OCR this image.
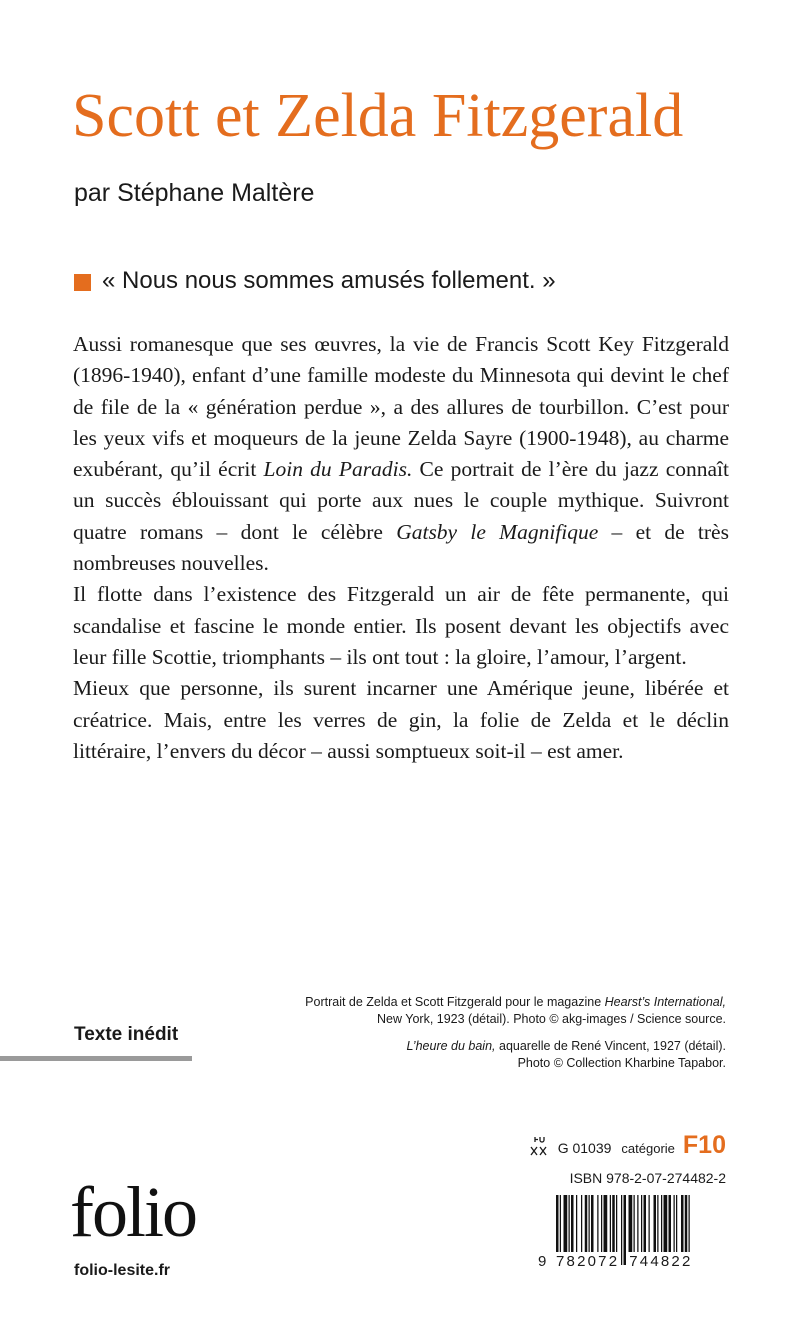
Scott et Zelda Fitzgerald
par Stéphane Maltère
« Nous nous sommes amusés follement. »

Aussi romanesque que ses œuvres, la vie de Francis Scott Key Fitzgerald (1896-1940), enfant d’une famille modeste du Minnesota qui devint le chef de file de la « génération perdue », a des allures de tourbillon. C’est pour les yeux vifs et moqueurs de la jeune Zelda Sayre (1900-1948), au charme exubérant, qu’il écrit Loin du Paradis. Ce portrait de l’ère du jazz connaît un succès éblouissant qui porte aux nues le couple mythique. Suivront quatre romans – dont le célèbre Gatsby le Magnifique – et de très nombreuses nouvelles.

Il flotte dans l’existence des Fitzgerald un air de fête permanente, qui scandalise et fascine le monde entier. Ils posent devant les objectifs avec leur fille Scottie, triomphants – ils ont tout : la gloire, l’amour, l’argent.

Mieux que personne, ils surent incarner une Amérique jeune, libérée et créatrice. Mais, entre les verres de gin, la folie de Zelda et le déclin littéraire, l’envers du décor – aussi somptueux soit-il – est amer.

Portrait de Zelda et Scott Fitzgerald pour le magazine Hearst’s International,
New York, 1923 (détail). Photo © akg-images / Science source.
L’heure du bain, aquarelle de René Vincent, 1927 (détail).
Photo © Collection Kharbine Tapabor.
Texte inédit
G 01039 catégorie F10
ISBN 978-2-07-274482-2
folio
folio-lesite.fr
9 782072 744822
